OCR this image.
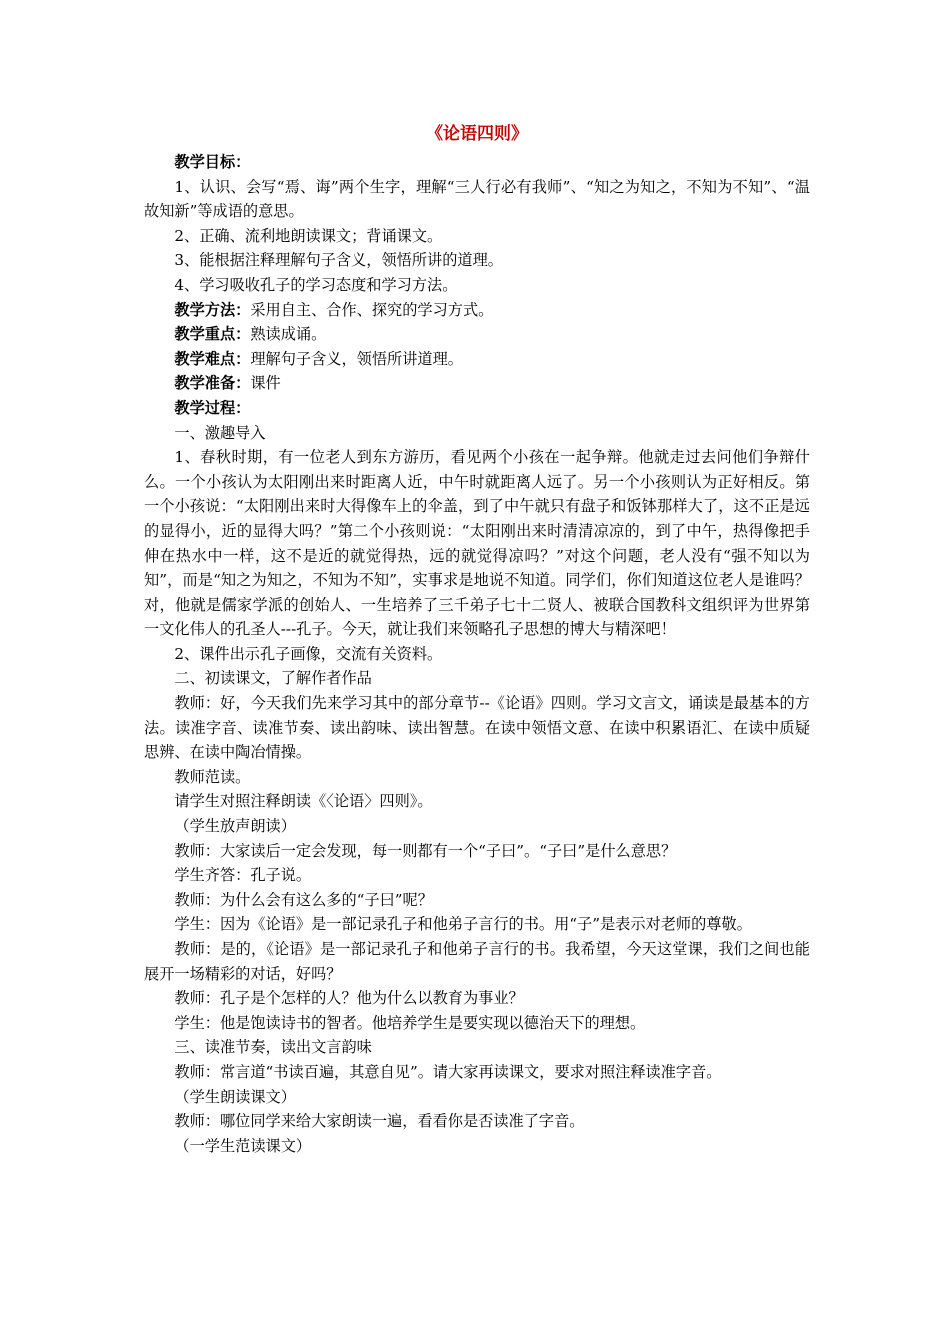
《论语四则》

教学目标：

1、认识、会写“焉、诲”两个生字，理解“三人行必有我师”、“知之为知之，不知为不知”、“温故知新”等成语的意思。

2、正确、流利地朗读课文；背诵课文。

3、能根据注释理解句子含义，领悟所讲的道理。

4、学习吸收孔子的学习态度和学习方法。

教学方法：采用自主、合作、探究的学习方式。

教学重点：熟读成诵。

教学难点：理解句子含义，领悟所讲道理。

教学准备：课件

教学过程：

一、激趣导入

1、春秋时期，有一位老人到东方游历，看见两个小孩在一起争辩。他就走过去问他们争辩什么。一个小孩认为太阳刚出来时距离人近，中午时就距离人远了。另一个小孩则认为正好相反。第一个小孩说：“太阳刚出来时大得像车上的伞盖，到了中午就只有盘子和饭钵那样大了，这不正是远的显得小，近的显得大吗？”第二个小孩则说：“太阳刚出来时清清凉凉的，到了中午，热得像把手伸在热水中一样，这不是近的就觉得热，远的就觉得凉吗？”对这个问题，老人没有“强不知以为知”，而是“知之为知之，不知为不知”，实事求是地说不知道。同学们，你们知道这位老人是谁吗？对，他就是儒家学派的创始人、一生培养了三千弟子七十二贤人、被联合国教科文组织评为世界第一文化伟人的孔圣人---孔子。今天，就让我们来领略孔子思想的博大与精深吧！

2、课件出示孔子画像，交流有关资料。

二、初读课文，了解作者作品

教师：好，今天我们先来学习其中的部分章节--《论语》四则。学习文言文，诵读是最基本的方法。读准字音、读准节奏、读出韵味、读出智慧。在读中领悟文意、在读中积累语汇、在读中质疑思辨、在读中陶冶情操。

教师范读。

请学生对照注释朗读《〈论语〉四则》。

（学生放声朗读）

教师：大家读后一定会发现，每一则都有一个“子曰”。“子曰”是什么意思？

学生齐答：孔子说。

教师：为什么会有这么多的“子曰”呢？

学生：因为《论语》是一部记录孔子和他弟子言行的书。用“子”是表示对老师的尊敬。

教师：是的，《论语》是一部记录孔子和他弟子言行的书。我希望，今天这堂课，我们之间也能展开一场精彩的对话，好吗？

教师：孔子是个怎样的人？他为什么以教育为事业？

学生：他是饱读诗书的智者。他培养学生是要实现以德治天下的理想。

三、读准节奏，读出文言韵味

教师：常言道“书读百遍，其意自见”。请大家再读课文，要求对照注释读准字音。

（学生朗读课文）

教师：哪位同学来给大家朗读一遍，看看你是否读准了字音。

（一学生范读课文）
